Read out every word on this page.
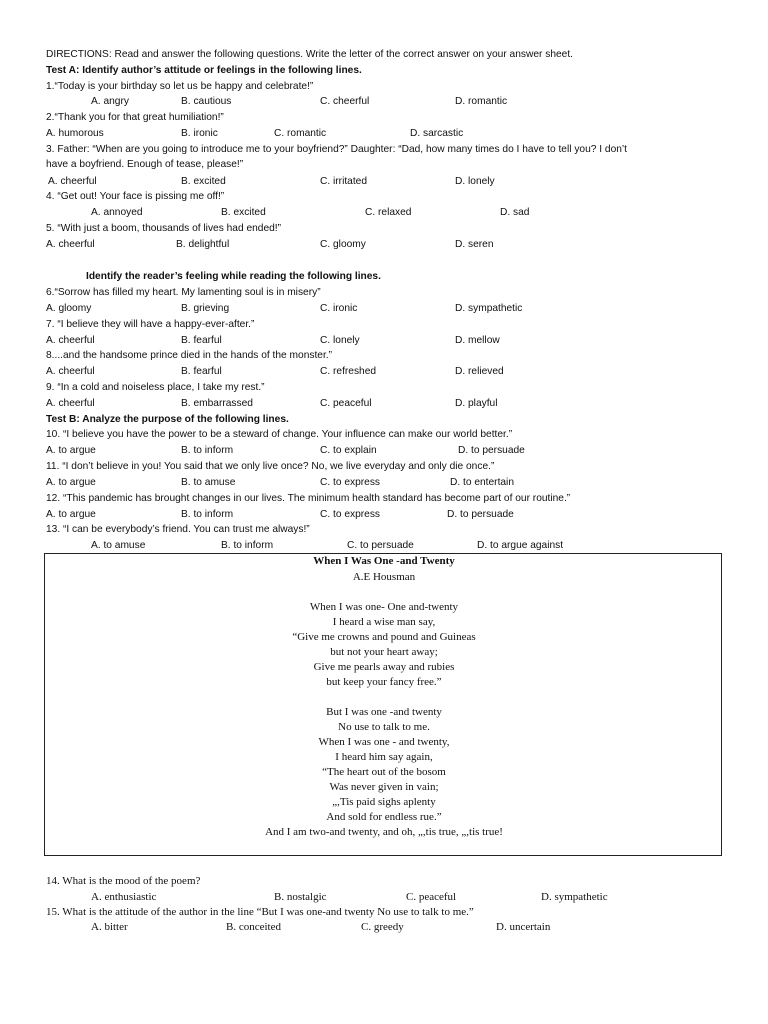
DIRECTIONS: Read and answer the following questions. Write the letter of the correct answer on your answer sheet.
Test A: Identify author’s attitude or feelings in the following lines.
1.“Today is your birthday so let us be happy and celebrate!”
A. angry	B. cautious	C. cheerful	D. romantic
2.“Thank you for that great humiliation!”
A. humorous	B. ironic	C. romantic	D. sarcastic
3. Father: “When are you going to introduce me to your boyfriend?” Daughter: “Dad, how many times do I have to tell you? I don’t
have a boyfriend. Enough of tease, please!”
A. cheerful	B. excited	C. irritated	D. lonely
4. “Get out! Your face is pissing me off!”
A. annoyed	B. excited	C. relaxed	D. sad
5. “With just a boom, thousands of lives had ended!”
A. cheerful	B. delightful	C. gloomy	D. seren
Identify the reader’s feeling while reading the following lines.
6.“Sorrow has filled my heart. My lamenting soul is in misery”
A. gloomy	B. grieving	C. ironic	D. sympathetic
7. “I believe they will have a happy-ever-after.”
A. cheerful	B. fearful	C. lonely	D. mellow
8....and the handsome prince died in the hands of the monster.”
A. cheerful	B. fearful	C. refreshed	D. relieved
9. “In a cold and noiseless place, I take my rest.”
A. cheerful	B. embarrassed	C. peaceful	D. playful
Test B: Analyze the purpose of the following lines.
10. “I believe you have the power to be a steward of change. Your influence can make our world better.”
A. to argue	B. to inform	C. to explain	D. to persuade
11. “I don’t believe in you! You said that we only live once? No, we live everyday and only die once.”
A. to argue	B. to amuse	C. to express	D. to entertain
12. “This pandemic has brought changes in our lives. The minimum health standard has become part of our routine.”
A. to argue	B. to inform	C. to express	D. to persuade
13. “I can be everybody’s friend. You can trust me always!”
A. to amuse	B. to inform	C. to persuade	D. to argue against
When I Was One -and Twenty
A.E Housman
When I was one- One and-twenty
I heard a wise man say,
“Give me crowns and pound and Guineas
but not your heart away;
Give me pearls away and rubies
but keep your fancy free.”
But I was one -and twenty
No use to talk to me.
When I was one - and twenty,
I heard him say again,
“The heart out of the bosom
Was never given in vain;
„,Tis paid sighs aplenty
And sold for endless rue.”
And I am two-and twenty, and oh, „,tis true, „,tis true!
14. What is the mood of the poem?
A. enthusiastic	B. nostalgic	C. peaceful	D. sympathetic
15. What is the attitude of the author in the line “But I was one-and twenty No use to talk to me.”
A. bitter	B. conceited	C. greedy	D. uncertain
